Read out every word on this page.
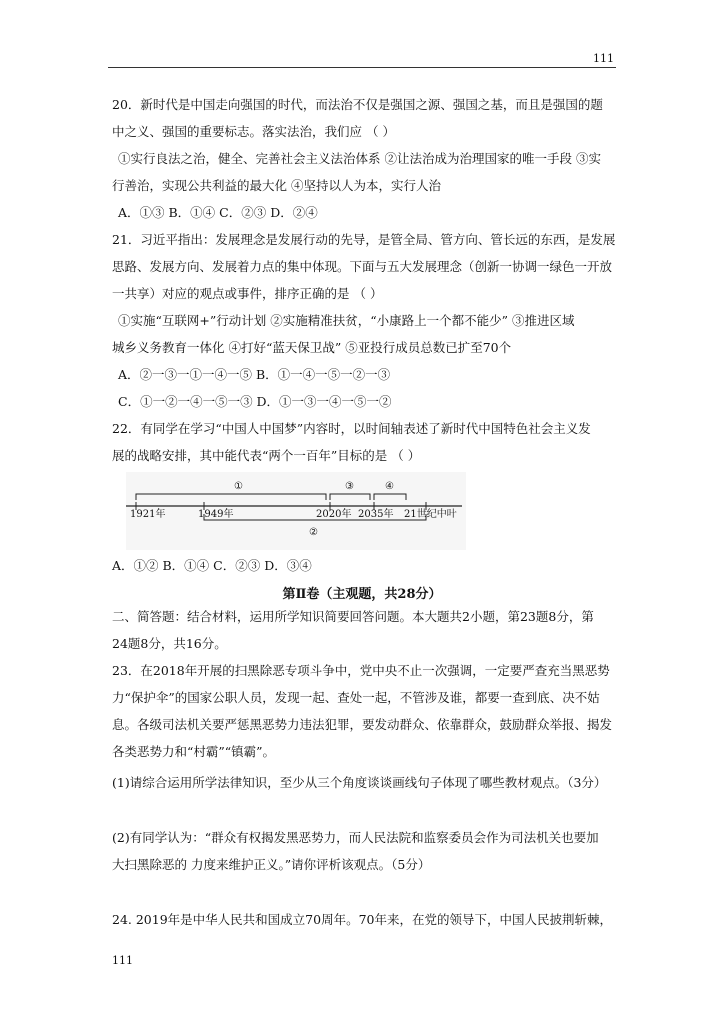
111
20．新时代是中国走向强国的时代，而法治不仅是强国之源、强国之基，而且是强国的题
中之义、强国的重要标志。落实法治，我们应 （ ）
①实行良法之治，健全、完善社会主义法治体系 ②让法治成为治理国家的唯一手段 ③实
行善治，实现公共利益的最大化 ④坚持以人为本，实行人治
A．①③ B．①④ C．②③ D．②④
21．习近平指出：发展理念是发展行动的先导，是管全局、管方向、管长远的东西，是发展
思路、发展方向、发展着力点的集中体现。下面与五大发展理念（创新一协调一绿色一开放
一共享）对应的观点或事件，排序正确的是 （ ）
①实施“互联网+”行动计划 ②实施精准扶贫，“小康路上一个都不能少” ③推进区域
城乡义务教育一体化 ④打好“蓝天保卫战” ⑤亚投行成员总数已扩至70个
A．②一③一①一④一⑤ B．①一④一⑤一②一③
C．①一②一④一⑤一③ D．①一③一④一⑤一②
22．有同学在学习“中国人中国梦”内容时，以时间轴表述了新时代中国特色社会主义发
展的战略安排，其中能代表“两个一百年”目标的是 （ ）
①	③	④
②
1921年	1949年	2020年 2035年 21世纪中叶
A．①② B．①④ C．②③ D．③④
第Ⅱ卷（主观题，共28分）
二、简答题：结合材料，运用所学知识简要回答问题。本大题共2小题，第23题8分，第
24题8分，共16分。
23．在2018年开展的扫黑除恶专项斗争中，党中央不止一次强调，一定要严查充当黑恶势
力“保护伞”的国家公职人员，发现一起、查处一起，不管涉及谁，都要一查到底、决不姑
息。各级司法机关要严惩黑恶势力违法犯罪，要发动群众、依靠群众，鼓励群众举报、揭发
各类恶势力和“村霸”“镇霸”。
(1)请综合运用所学法律知识，至少从三个角度谈谈画线句子体现了哪些教材观点。（3分）
(2)有同学认为：“群众有权揭发黑恶势力，而人民法院和监察委员会作为司法机关也要加
大扫黑除恶的 力度来维护正义。”请你评析该观点。（5分）
24. 2019年是中华人民共和国成立70周年。70年来，在党的领导下，中国人民披荆斩棘，
111
